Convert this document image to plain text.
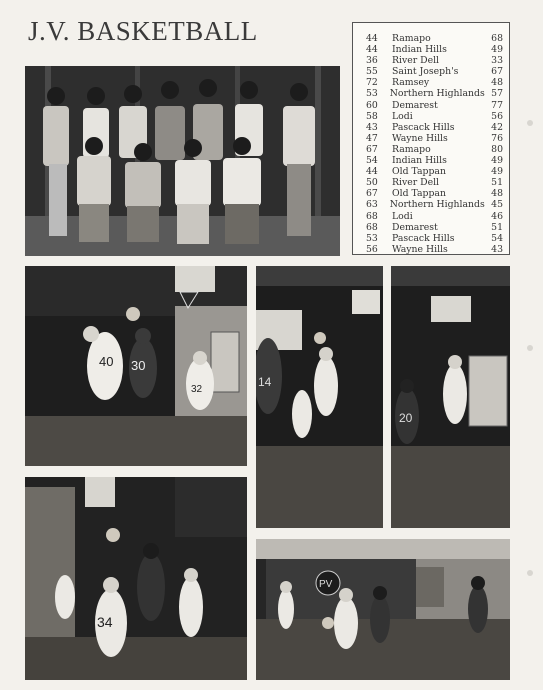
J.V. BASKETBALL	44	Ramapo	68
44	Indian Hills	49
36	River Dell	33
55	Saint Joseph's	67
72	Ramsey	48
53	Northern Highlands 57
60	Demarest	77
58	Lodi	56
43	Pascack Hills	42
47	Wayne Hills	76
67	Ramapo	80
54	Indian Hills	49
44	Old Tappan	49
50	River Dell	51
67	Old Tappan	48
63	Northern Highlands 45
68	Lodi	46
68	Demarest	51
53	Pascack Hills	54
56	Wayne Hills	43
40 30
32
14
20
34
PV
